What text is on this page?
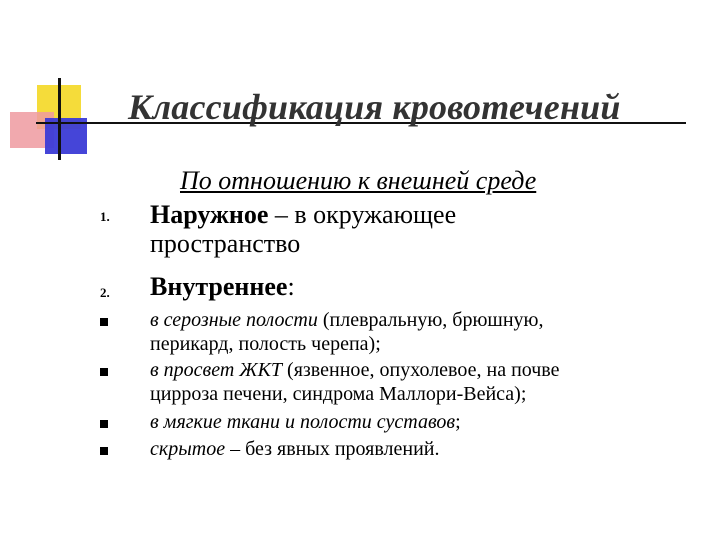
Классификация кровотечений
По отношению к внешней среде
1. Наружное – в окружающее
пространство
2. Внутреннее:
в серозные полости (плевральную, брюшную,
перикард, полость черепа);
в просвет ЖКТ (язвенное, опухолевое, на почве
цирроза печени, синдрома Маллори-Вейса);
в мягкие ткани и полости суставов;
скрытое – без явных проявлений.
